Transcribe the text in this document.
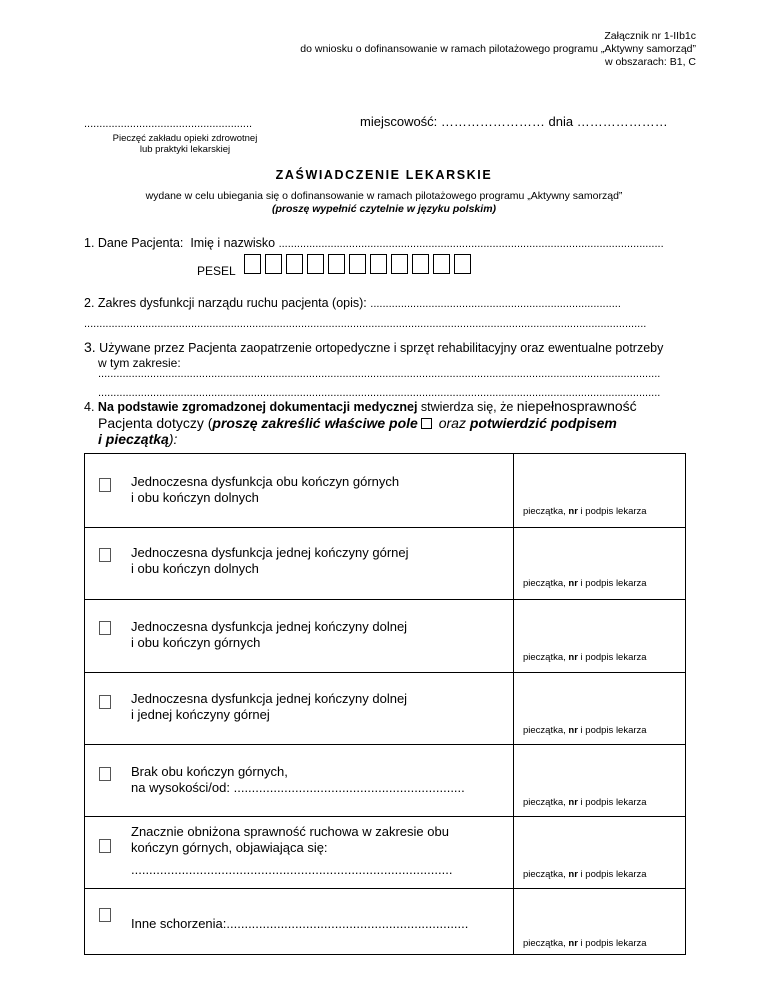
Załącznik nr 1-IIb1c
do wniosku o dofinansowanie w ramach pilotażowego programu „Aktywny samorząd”
w obszarach: B1, C
.......................................................
Pieczęć zakładu opieki zdrowotnej
lub praktyki lekarskiej
miejscowość: …………………… dnia …………………
ZAŚWIADCZENIE LEKARSKIE
wydane w celu ubiegania się o dofinansowanie w ramach pilotażowego programu „Aktywny samorząd”
(proszę wypełnić czytelnie w języku polskim)
1. Dane Pacjenta: Imię i nazwisko ..............................................................................................................................
PESEL
2. Zakres dysfunkcji narządu ruchu pacjenta (opis): ..................................................................................
........................................................................................................................................................................................
3. Używane przez Pacjenta zaopatrzenie ortopedyczne i sprzęt rehabilitacyjny oraz ewentualne potrzeby
w tym zakresie:
........................................................................................................................................................................................
........................................................................................................................................................................................
4. Na podstawie zgromadzonej dokumentacji medycznej stwierdza się, że niepełnosprawność
Pacjenta dotyczy (proszę zakreślić właściwe pole oraz potwierdzić podpisem
i pieczątką):
Jednoczesna dysfunkcja obu kończyn górnych
i obu kończyn dolnych
pieczątka, nr i podpis lekarza
Jednoczesna dysfunkcja jednej kończyny górnej
i obu kończyn dolnych
pieczątka, nr i podpis lekarza
Jednoczesna dysfunkcja jednej kończyny dolnej
i obu kończyn górnych
pieczątka, nr i podpis lekarza
Jednoczesna dysfunkcja jednej kończyny dolnej
i jednej kończyny górnej
pieczątka, nr i podpis lekarza
Brak obu kończyn górnych,
na wysokości/od: ................................................................
pieczątka, nr i podpis lekarza
Znacznie obniżona sprawność ruchowa w zakresie obu
kończyn górnych, objawiająca się:
.........................................................................................	pieczątka, nr i podpis lekarza
Inne schorzenia:...................................................................
pieczątka, nr i podpis lekarza
